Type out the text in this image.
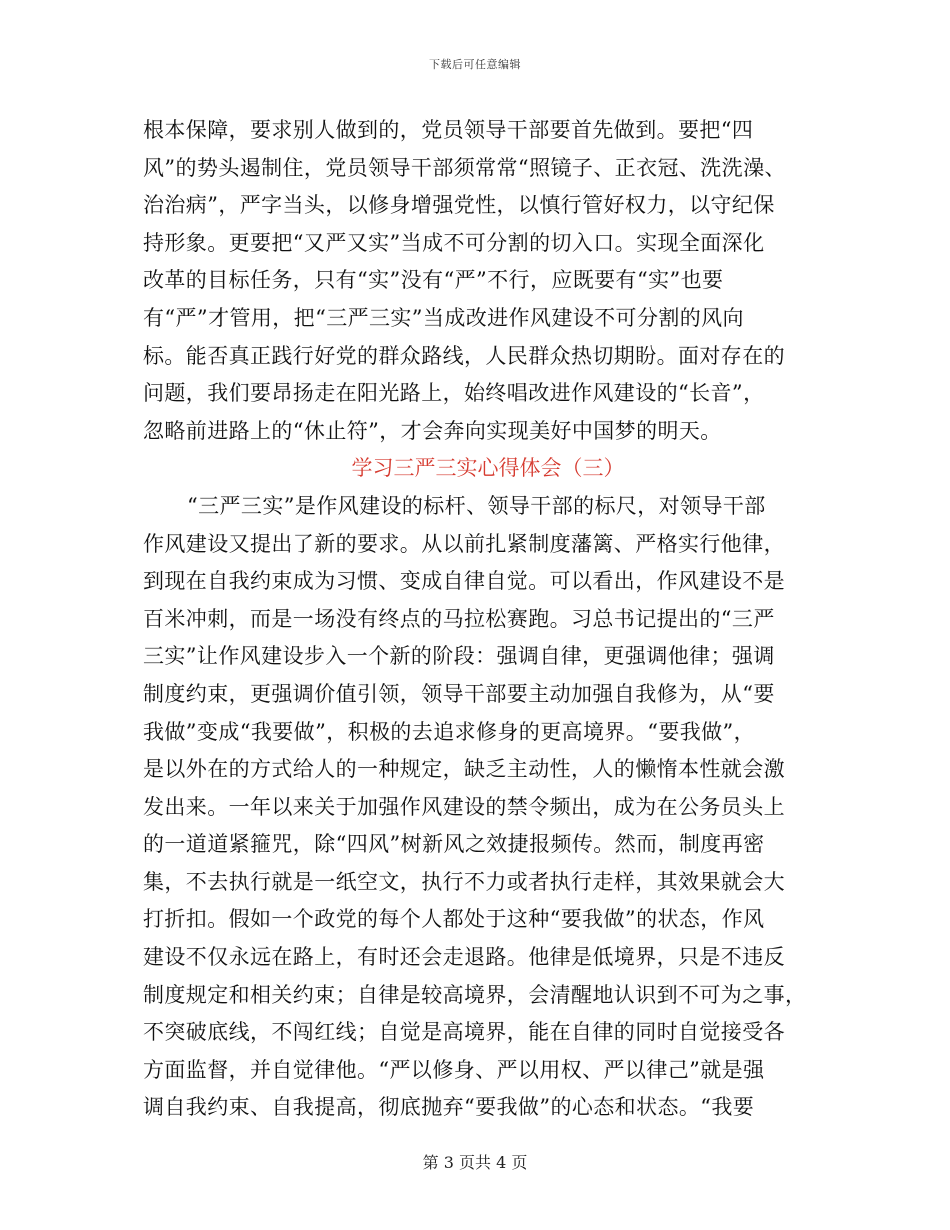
下载后可任意编辑
根本保障，要求别人做到的，党员领导干部要首先做到。要把“四
风”的势头遏制住，党员领导干部须常常“照镜子、正衣冠、洗洗澡、
治治病”，严字当头，以修身增强党性，以慎行管好权力，以守纪保
持形象。更要把“又严又实”当成不可分割的切入口。实现全面深化
改革的目标任务，只有“实”没有“严”不行，应既要有“实”也要
有“严”才管用，把“三严三实”当成改进作风建设不可分割的风向
标。能否真正践行好党的群众路线，人民群众热切期盼。面对存在的
问题，我们要昂扬走在阳光路上，始终唱改进作风建设的“长音”，
忽略前进路上的“休止符”，才会奔向实现美好中国梦的明天。
学习三严三实心得体会（三）
“三严三实”是作风建设的标杆、领导干部的标尺，对领导干部
作风建设又提出了新的要求。从以前扎紧制度藩篱、严格实行他律，
到现在自我约束成为习惯、变成自律自觉。可以看出，作风建设不是
百米冲刺，而是一场没有终点的马拉松赛跑。习总书记提出的“三严
三实”让作风建设步入一个新的阶段：强调自律，更强调他律；强调
制度约束，更强调价值引领，领导干部要主动加强自我修为，从“要
我做”变成“我要做”，积极的去追求修身的更高境界。“要我做”，
是以外在的方式给人的一种规定，缺乏主动性，人的懒惰本性就会激
发出来。一年以来关于加强作风建设的禁令频出，成为在公务员头上
的一道道紧箍咒，除“四风”树新风之效捷报频传。然而，制度再密
集，不去执行就是一纸空文，执行不力或者执行走样，其效果就会大
打折扣。假如一个政党的每个人都处于这种“要我做”的状态，作风
建设不仅永远在路上，有时还会走退路。他律是低境界，只是不违反
制度规定和相关约束；自律是较高境界，会清醒地认识到不可为之事，
不突破底线，不闯红线；自觉是高境界，能在自律的同时自觉接受各
方面监督，并自觉律他。“严以修身、严以用权、严以律己”就是强
调自我约束、自我提高，彻底抛弃“要我做”的心态和状态。“我要
第 3 页共 4 页
